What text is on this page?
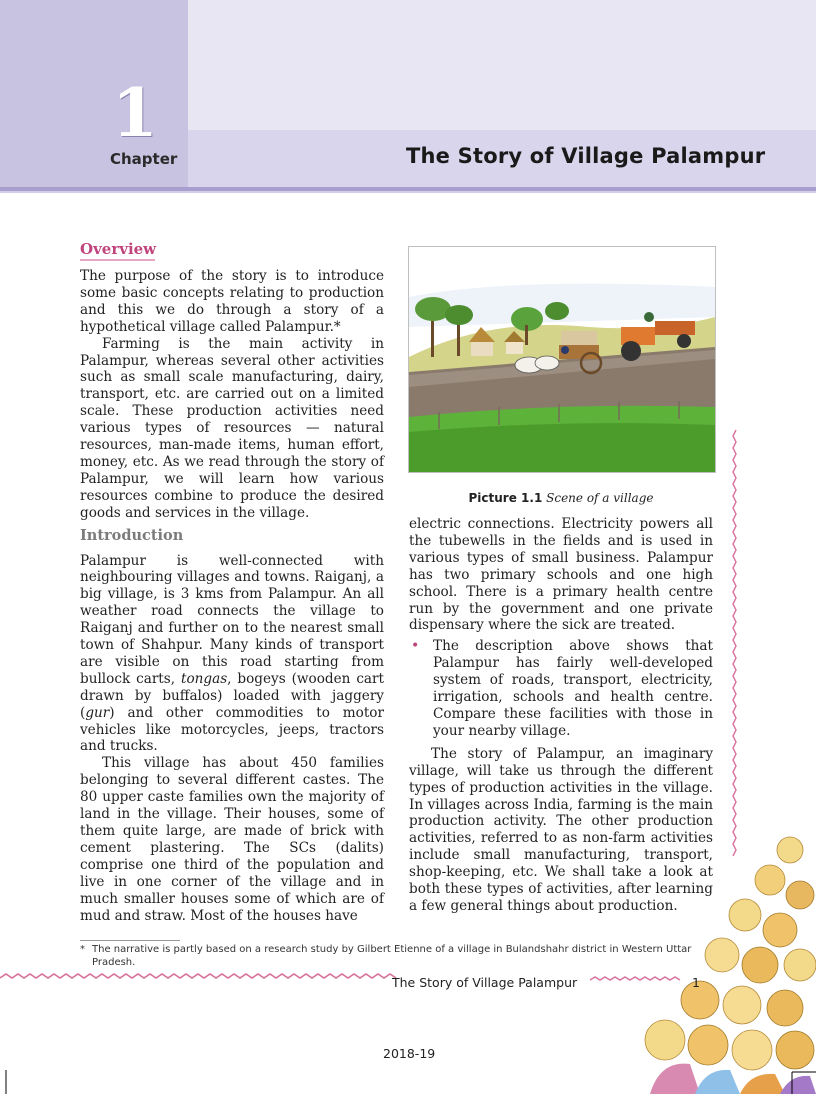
1
Chapter	The Story of Village Palampur
Overview

The purpose of the story is to introduce some basic concepts relating to production and this we do through a story of a hypothetical village called Palampur.*

Farming is the main activity in Palampur, whereas several other activities such as small scale manufacturing, dairy, transport, etc. are carried out on a limited scale. These production activities need various types of resources — natural resources, man-made items, human effort, money, etc. As we read through the story of Palampur, we will learn how various resources combine to produce the desired goods and services in the village.

Introduction

Palampur is well-connected with neighbouring villages and towns. Raiganj, a big village, is 3 kms from Palampur. An all weather road connects the village to Raiganj and further on to the nearest small town of Shahpur. Many kinds of transport are visible on this road starting from bullock carts, tongas, bogeys (wooden cart drawn by buffalos) loaded with jaggery (gur) and other commodities to motor vehicles like motorcycles, jeeps, tractors and trucks.

This village has about 450 families belonging to several different castes. The 80 upper caste families own the majority of land in the village. Their houses, some of them quite large, are made of brick with cement plastering. The SCs (dalits) comprise one third of the population and live in one corner of the village and in much smaller houses some of which are of mud and straw. Most of the houses have

Picture 1.1 Scene of a village

electric connections. Electricity powers all the tubewells in the fields and is used in various types of small business. Palampur has two primary schools and one high school. There is a primary health centre run by the government and one private dispensary where the sick are treated.

• The description above shows that Palampur has fairly well-developed system of roads, transport, electricity, irrigation, schools and health centre. Compare these facilities with those in your nearby village.

The story of Palampur, an imaginary village, will take us through the different types of production activities in the village. In villages across India, farming is the main production activity. The other production activities, referred to as non-farm activities include small manufacturing, transport, shop-keeping, etc. We shall take a look at both these types of activities, after learning a few general things about production.

* The narrative is partly based on a research study by Gilbert Etienne of a village in Bulandshahr district in Western Uttar Pradesh.
The Story of Village Palampur	1
2018-19
